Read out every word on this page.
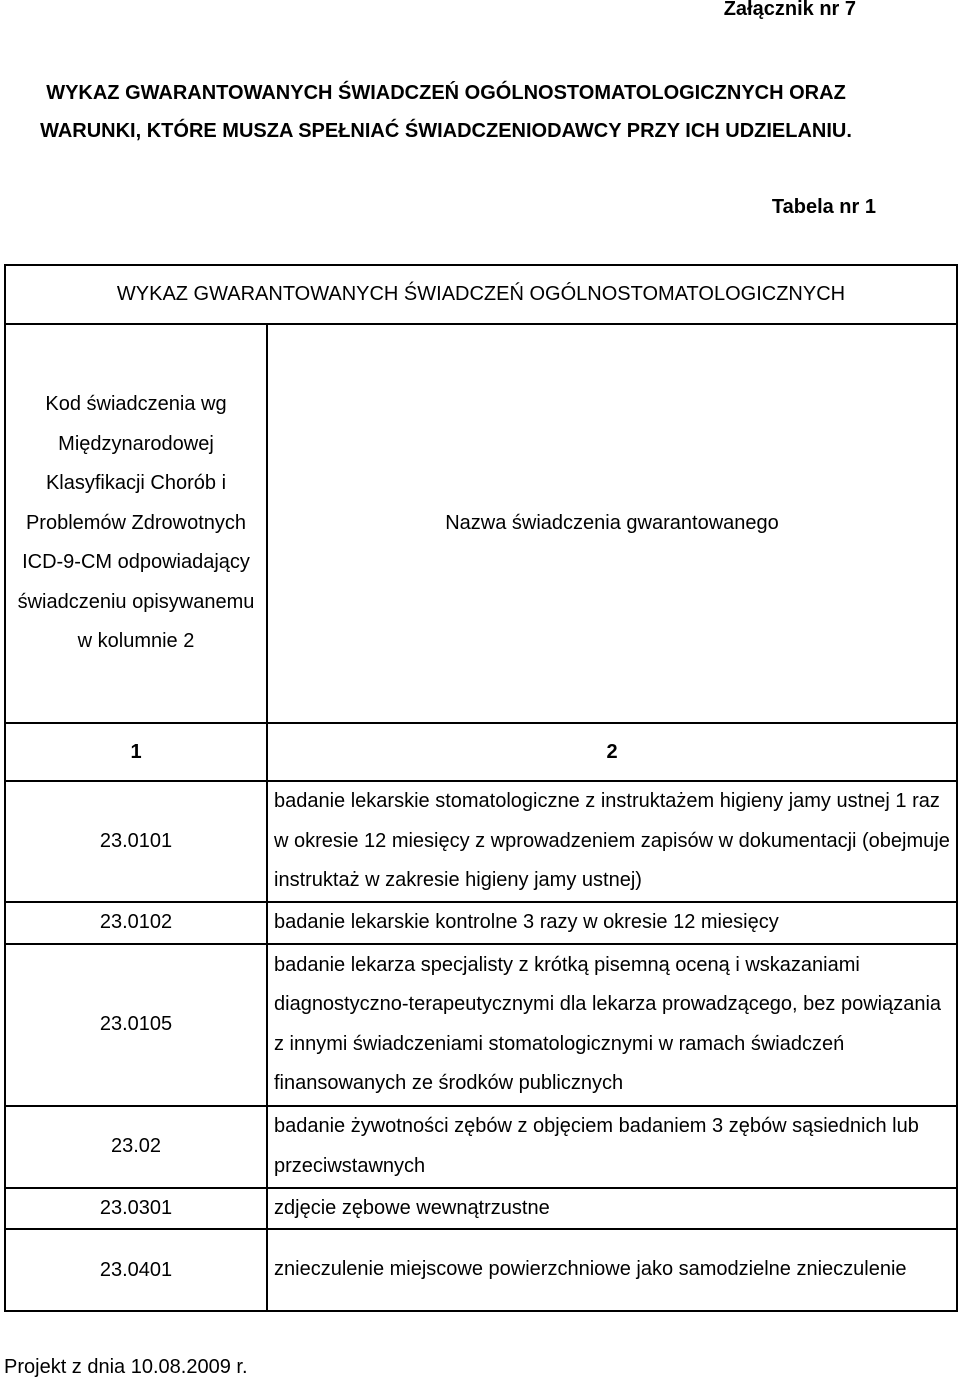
Załącznik nr 7
WYKAZ GWARANTOWANYCH ŚWIADCZEŃ OGÓLNOSTOMATOLOGICZNYCH ORAZ WARUNKI, KTÓRE MUSZA SPEŁNIAĆ ŚWIADCZENIODAWCY PRZY ICH UDZIELANIU.
Tabela nr 1
WYKAZ GWARANTOWANYCH ŚWIADCZEŃ OGÓLNOSTOMATOLOGICZNYCH	

Kod świadczenia wg Międzynarodowej Klasyfikacji Chorób i Problemów Zdrowotnych ICD-9-CM odpowiadający świadczeniu opisywanemu w kolumnie 2	Nazwa świadczenia gwarantowanego
1	2
23.0101	badanie lekarskie stomatologiczne z instruktażem higieny jamy ustnej 1 raz w okresie 12 miesięcy z wprowadzeniem zapisów w dokumentacji (obejmuje instruktaż w zakresie higieny jamy ustnej)
23.0102	badanie lekarskie kontrolne 3 razy w okresie 12 miesięcy
23.0105	badanie lekarza specjalisty z krótką pisemną oceną i wskazaniami diagnostyczno-terapeutycznymi dla lekarza prowadzącego, bez powiązania z innymi świadczeniami stomatologicznymi w ramach świadczeń finansowanych ze środków publicznych
23.02	badanie żywotności zębów z objęciem badaniem 3 zębów sąsiednich lub przeciwstawnych
23.0301	zdjęcie zębowe wewnątrzustne
23.0401	znieczulenie miejscowe powierzchniowe jako samodzielne znieczulenie
Projekt z dnia 10.08.2009 r.
